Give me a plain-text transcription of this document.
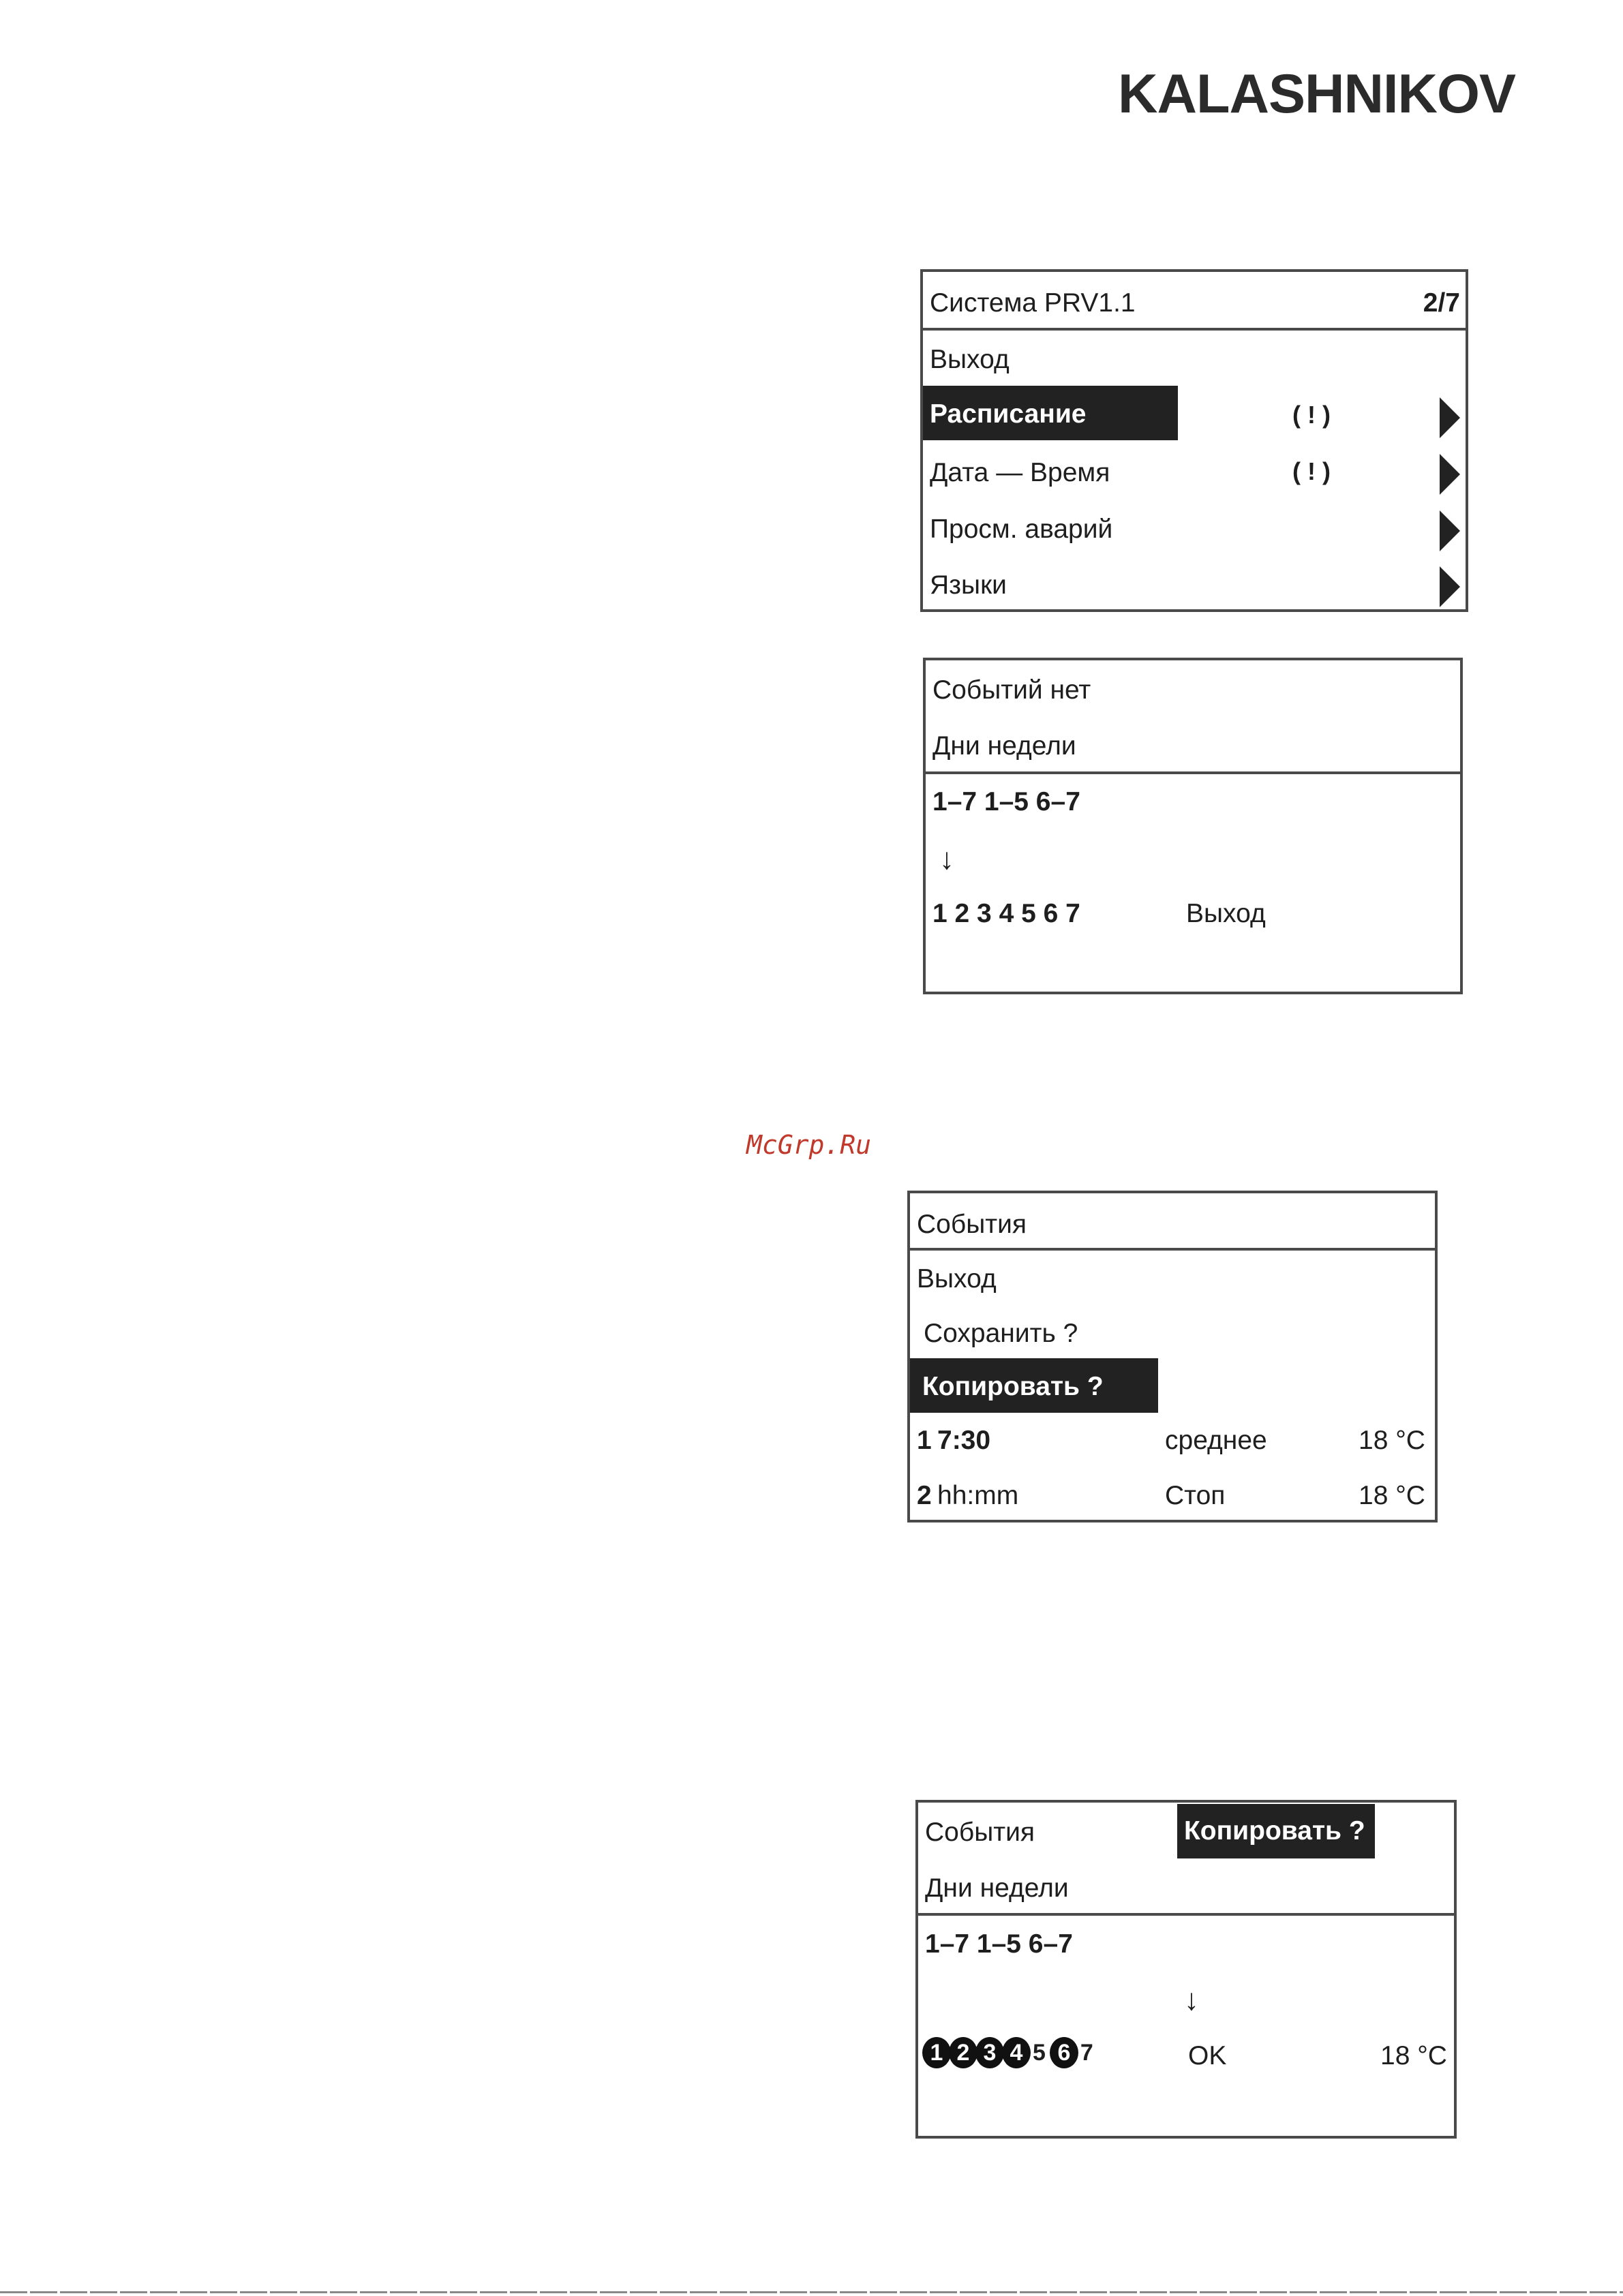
KALASHNIKOV
Система PRV1.1	2/7
Выход
Расписание	( ! )
Дата — Время	( ! )
Просм. аварий
Языки
Событий нет
Дни недели
1–7 1–5 6–7
↓
1 2 3 4 5 6 7	Выход
McGrp.Ru
События
Выход
Сохранить ?
Копировать ?
1 7:30	среднее	18 °C
2 hh:mm	Стоп	18 °C
События	Копировать ?
Дни недели
1–7 1–5 6–7
↓
1 2 3 4 5 6 7	OK	18 °C
